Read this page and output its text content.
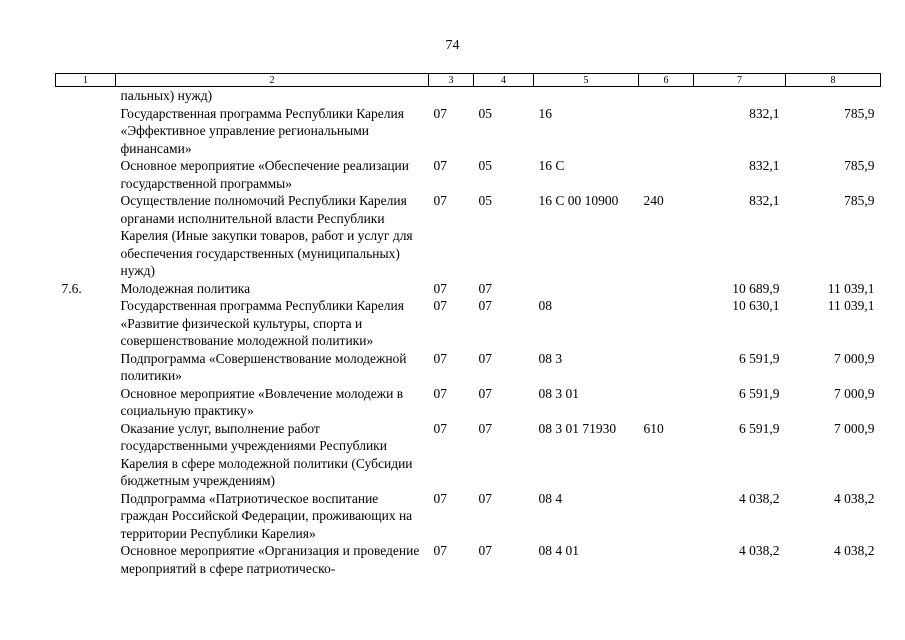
74
1	2	3	4	5	6	7	8
	пальных) нужд)						
	Государственная программа Республики Карелия «Эффективное управление региональными финансами»	07	05	16		832,1	785,9
	Основное мероприятие «Обеспечение реализации государственной программы»	07	05	16 С		832,1	785,9
	Осуществление полномочий Республики Карелия органами исполнительной власти Республики Карелия (Иные закупки товаров, работ и услуг для обеспечения государственных (муниципальных) нужд)	07	05	16 С 00 10900	240	832,1	785,9
7.6.	Молодежная политика	07	07			10 689,9	11 039,1
	Государственная программа Республики Карелия «Развитие физической культуры, спорта и совершенствование молодежной политики»	07	07	08		10 630,1	11 039,1
	Подпрограмма «Совершенствование молодежной политики»	07	07	08 3		6 591,9	7 000,9
	Основное мероприятие «Вовлечение молодежи в социальную практику»	07	07	08 3 01		6 591,9	7 000,9
	Оказание услуг, выполнение работ государственными учреждениями Республики Карелия в сфере молодежной политики (Субсидии бюджетным учреждениям)	07	07	08 3 01 71930	610	6 591,9	7 000,9
	Подпрограмма «Патриотическое воспитание граждан Российской Федерации, проживающих на территории Республики Карелия»	07	07	08 4		4 038,2	4 038,2
	Основное мероприятие «Организация и проведение мероприятий в сфере патриотическо-	07	07	08 4 01		4 038,2	4 038,2
